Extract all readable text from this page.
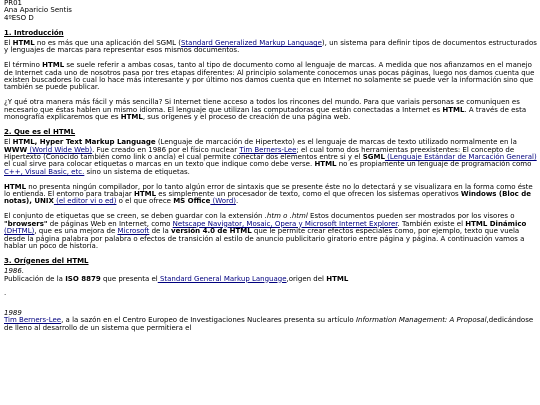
PR01
Ana Aparicio Sentis
4ºESO D
1. Introducción

El HTML no es más que una aplicación del SGML (Standard Generalized Markup Language), un sistema para definir tipos de documentos estructurados y lenguajes de marcas para representar esos mismos documentos.

El término HTML se suele referir a ambas cosas, tanto al tipo de documento como al lenguaje de marcas. A medida que nos afianzamos en el manejo de Internet cada uno de nosotros pasa por tres etapas diferentes: Al principio solamente conocemos unas pocas páginas, luego nos damos cuenta que existen buscadores lo cual lo hace más interesante y por último nos damos cuenta que en Internet no solamente se puede ver la información sino que también se puede publicar.

¿Y qué otra manera más fácil y más sencilla? Si Internet tiene acceso a todos los rincones del mundo. Para que variais personas se comuniquen es necesario que éstas hablen un mismo idioma. El lenguaje que utilizan las computadoras que están conectadas a Internet es HTML. A través de esta monografía explicaremos que es HTML, sus orígenes y el proceso de creación de una página web.

2. Que es el HTML

El HTML, Hyper Text Markup Language (Lenguaje de marcación de Hipertexto) es el lenguaje de marcas de texto utilizado normalmente en la WWW (World Wide Web). Fue creado en 1986 por el físico nuclear Tim Berners-Lee; el cual tomo dos herramientas preexistentes: El concepto de Hipertexto (Conocido también como link o ancla) el cual permite conectar dos elementos entre si y el SGML (Lenguaje Estándar de Marcación General) el cual sirve para colocar etiquetas o marcas en un texto que indique como debe verse. HTML no es propiamente un lenguaje de programación como C++, Visual Basic, etc. sino un sistema de etiquetas.

HTML no presenta ningún compilador, por lo tanto algún error de sintaxis que se presente éste no lo detectará y se visualizara en la forma como éste lo entienda. El entorno para trabajar HTML es simplemente un procesador de texto, como el que ofrecen los sistemas operativos Windows (Bloc de notas), UNIX (el editor vi o ed) o el que ofrece MS Office (Word).

El conjunto de etiquetas que se creen, se deben guardar con la extensión .htm o .html Estos documentos pueden ser mostrados por los visores o "browsers" de páginas Web en Internet, como Netscape Navigator, Mosaic, Opera y Microsoft Internet Explorer. También existe el HTML Dinámico (DHTML), que es una mejora de Microsoft de la versión 4.0 de HTML que le permite crear efectos especiales como, por ejemplo, texto que vuela desde la página palabra por palabra o efectos de transición al estilo de anuncio publicitario giratorio entre página y página. A continuación vamos a hablar un poco de historia.

3. Orígenes del HTML
1986.

Publicación de la ISO 8879 que presenta el Standard General Markup Language,origen del HTML

.
1989

Tim Berners-Lee, a la sazón en el Centro Europeo de Investigaciones Nucleares presenta su artículo Information Management: A Proposal,dedicándose de lleno al desarrollo de un sistema que permitiera el
